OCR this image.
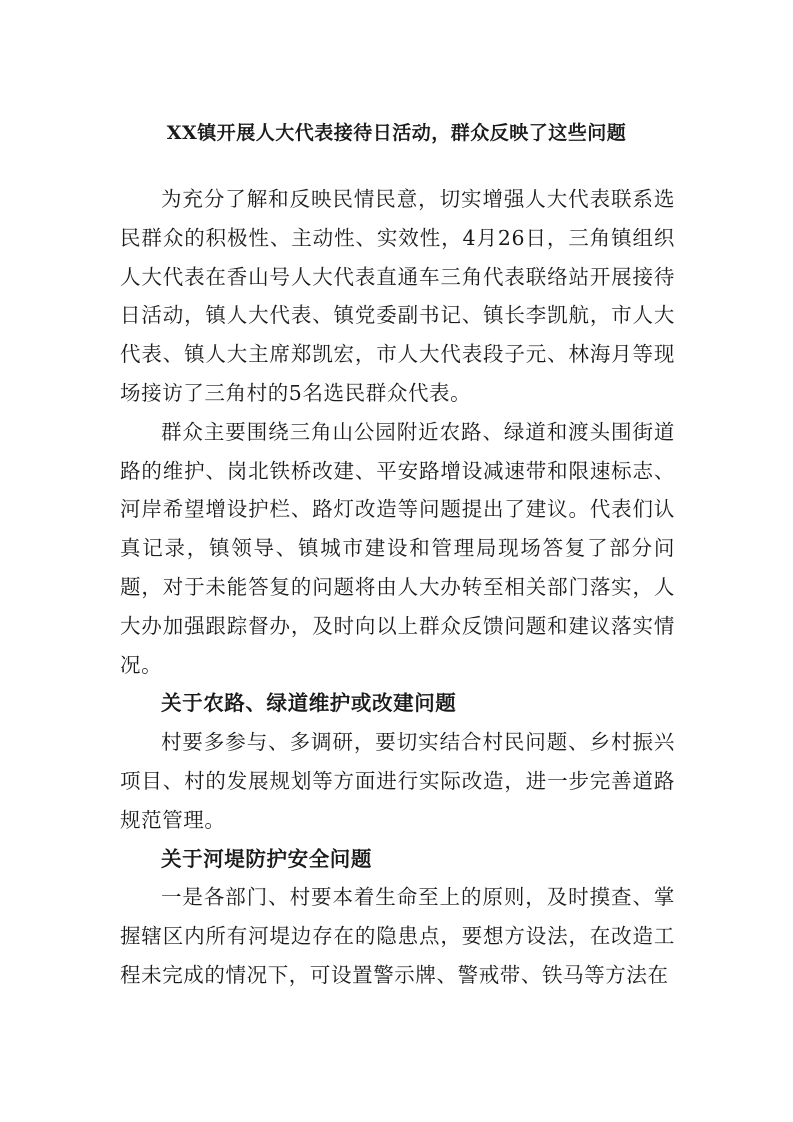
XX镇开展人大代表接待日活动，群众反映了这些问题

为充分了解和反映民情民意，切实增强人大代表联系选民群众的积极性、主动性、实效性，4月26日，三角镇组织人大代表在香山号人大代表直通车三角代表联络站开展接待日活动，镇人大代表、镇党委副书记、镇长李凯航，市人大代表、镇人大主席郑凯宏，市人大代表段子元、林海月等现场接访了三角村的5名选民群众代表。

群众主要围绕三角山公园附近农路、绿道和渡头围街道路的维护、岗北铁桥改建、平安路增设减速带和限速标志、河岸希望增设护栏、路灯改造等问题提出了建议。代表们认真记录，镇领导、镇城市建设和管理局现场答复了部分问题，对于未能答复的问题将由人大办转至相关部门落实，人大办加强跟踪督办，及时向以上群众反馈问题和建议落实情况。

关于农路、绿道维护或改建问题

村要多参与、多调研，要切实结合村民问题、乡村振兴项目、村的发展规划等方面进行实际改造，进一步完善道路规范管理。

关于河堤防护安全问题

一是各部门、村要本着生命至上的原则，及时摸查、掌握辖区内所有河堤边存在的隐患点，要想方设法，在改造工程未完成的情况下，可设置警示牌、警戒带、铁马等方法在
